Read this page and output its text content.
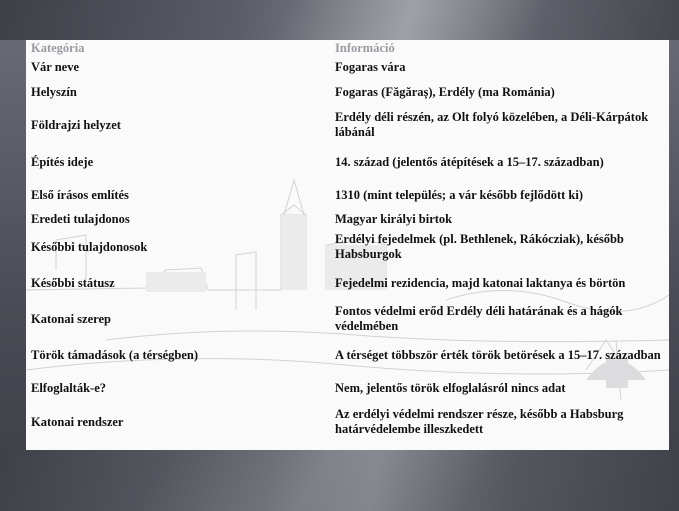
Kategória	Információ
Vár neve	Fogaras vára
Helyszín	Fogaras (Făgăraș), Erdély (ma Románia)
Földrajzi helyzet	Erdély déli részén, az Olt folyó közelében, a Déli-Kárpátok lábánál
Építés ideje	14. század (jelentős átépítések a 15–17. században)
Első írásos említés	1310 (mint település; a vár később fejlődött ki)
Eredeti tulajdonos	Magyar királyi birtok
Későbbi tulajdonosok	Erdélyi fejedelmek (pl. Bethlenek, Rákócziak), később Habsburgok
Későbbi státusz	Fejedelmi rezidencia, majd katonai laktanya és börtön
Katonai szerep	Fontos védelmi erőd Erdély déli határának és a hágók védelmében
Török támadások (a térségben)	A térséget többször érték török betörések a 15–17. században
Elfoglalták-e?	Nem, jelentős török elfoglalásról nincs adat
Katonai rendszer	Az erdélyi védelmi rendszer része, később a Habsburg határvédelembe illeszkedett
